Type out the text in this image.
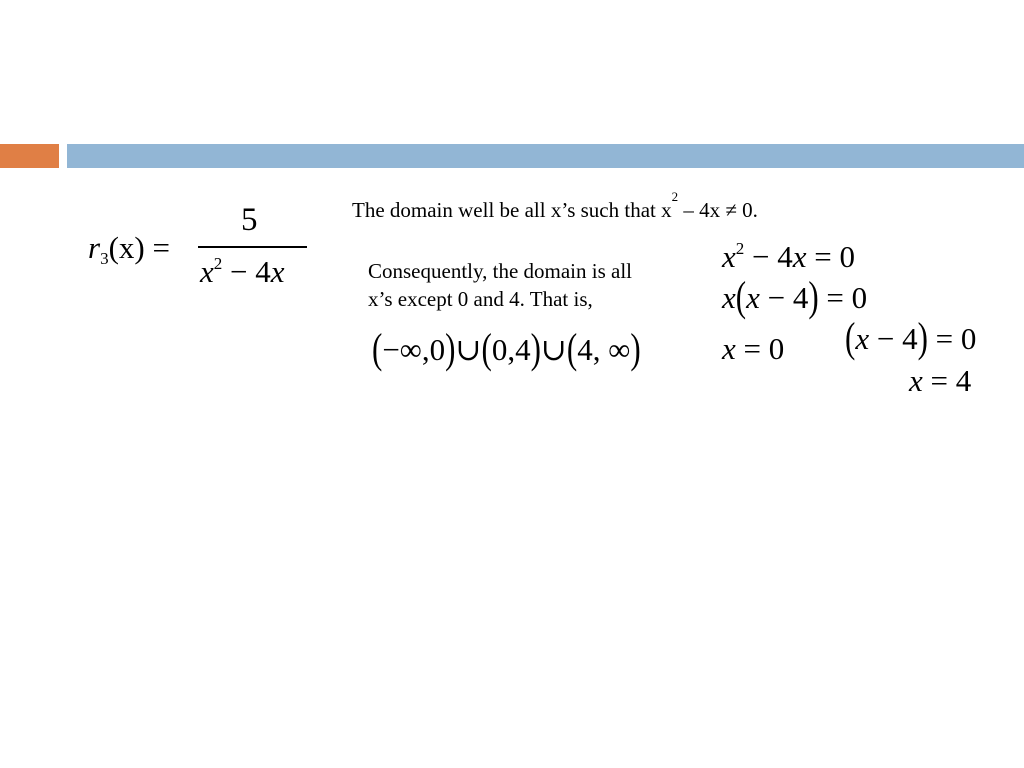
$r_3(x)$ =
5
$x^2 - 4x$
The domain well be all x’s such that $x^2 - 4x \ne 0$.
Consequently, the domain is all
x’s except 0 and 4. That is,
(−∞,0)∪(0,4)∪(4, ∞)
$x^2 - 4x = 0$
x(x − 4) = 0
x = 0 (x − 4) = 0
x = 4
